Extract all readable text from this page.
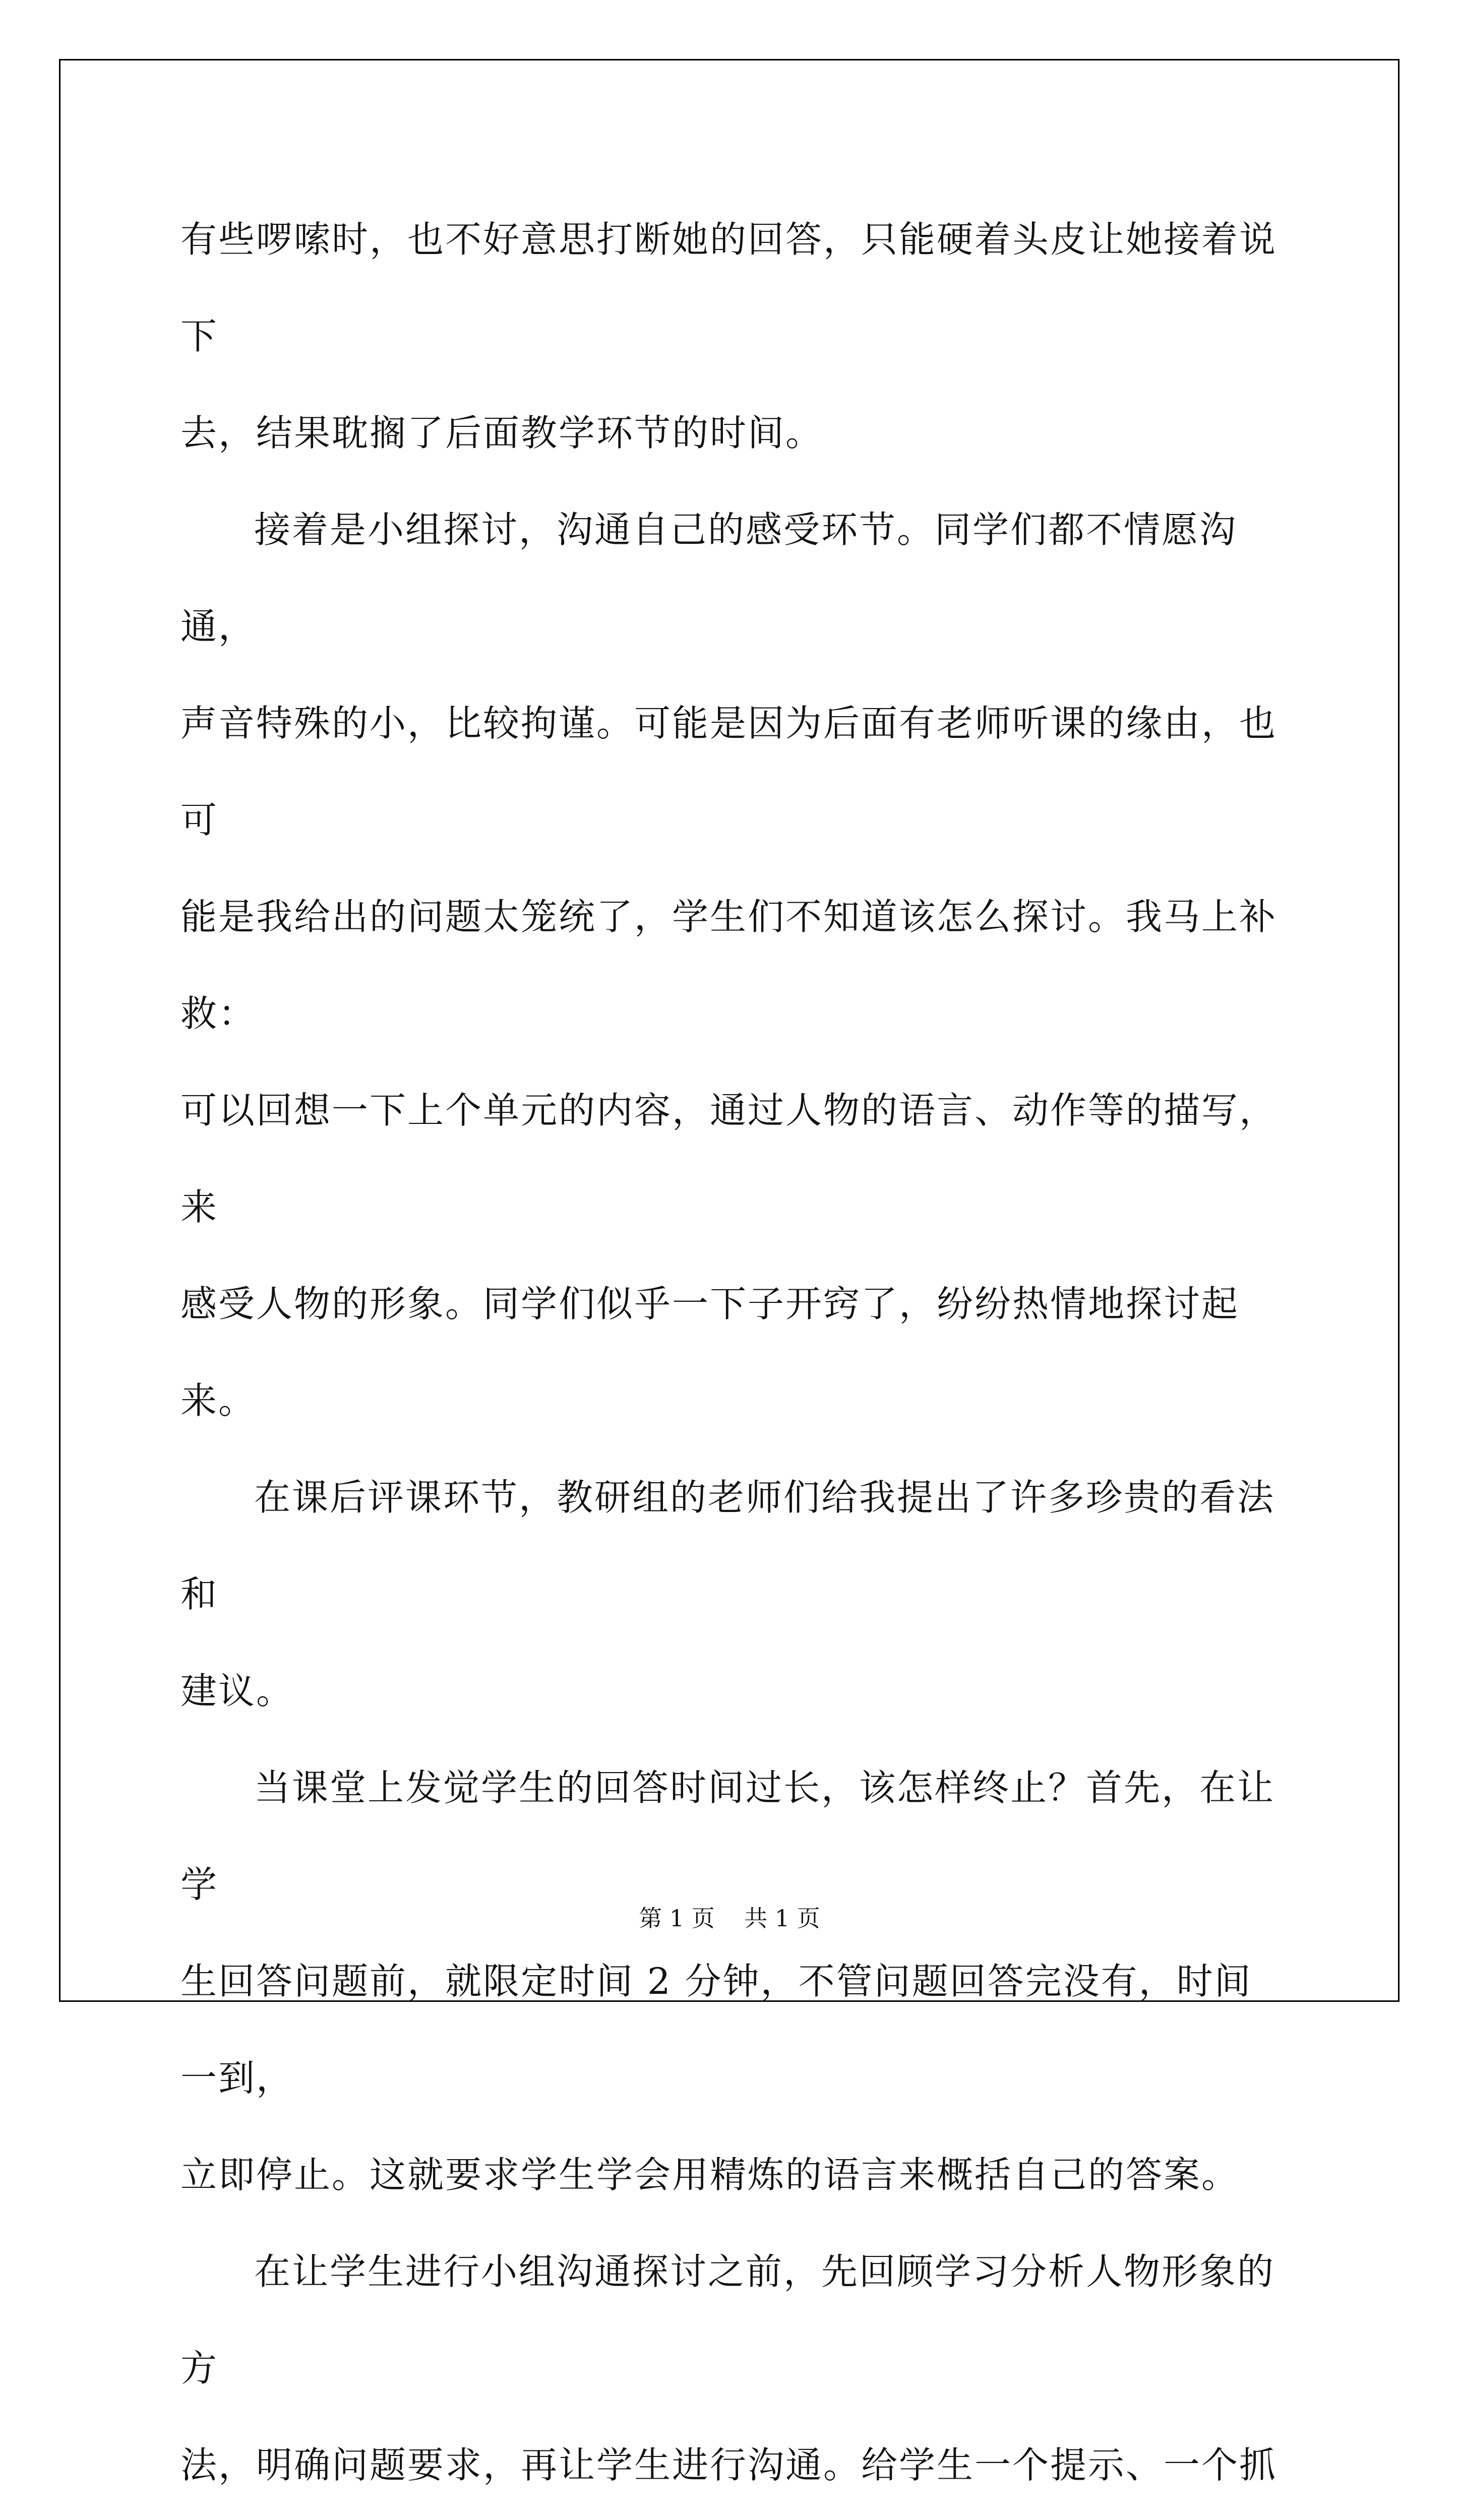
有些啰嗦时，也不好意思打断她的回答，只能硬着头皮让她接着说下

去，结果耽搁了后面教学环节的时间。

接着是小组探讨，沟通自己的感受环节。同学们都不情愿沟通，

声音特殊的小，比较拘谨。可能是因为后面有老师听课的缘由，也可

能是我给出的问题太笼统了，学生们不知道该怎么探讨。我马上补救：

可以回想一下上个单元的内容，通过人物的语言、动作等的描写，来

感受人物的形象。同学们似乎一下子开窍了，纷纷热情地探讨起来。

在课后评课环节，教研组的老师们给我提出了许多珍贵的看法和

建议。

当课堂上发觉学生的回答时间过长，该怎样终止？首先，在让学

生回答问题前，就限定时间 2 分钟，不管问题回答完没有，时间一到，

立即停止。这就要求学生学会用精炼的语言来概括自己的答案。

在让学生进行小组沟通探讨之前，先回顾学习分析人物形象的方

法，明确问题要求，再让学生进行沟通。给学生一个提示、一个抓

第 1 页    共 1 页
